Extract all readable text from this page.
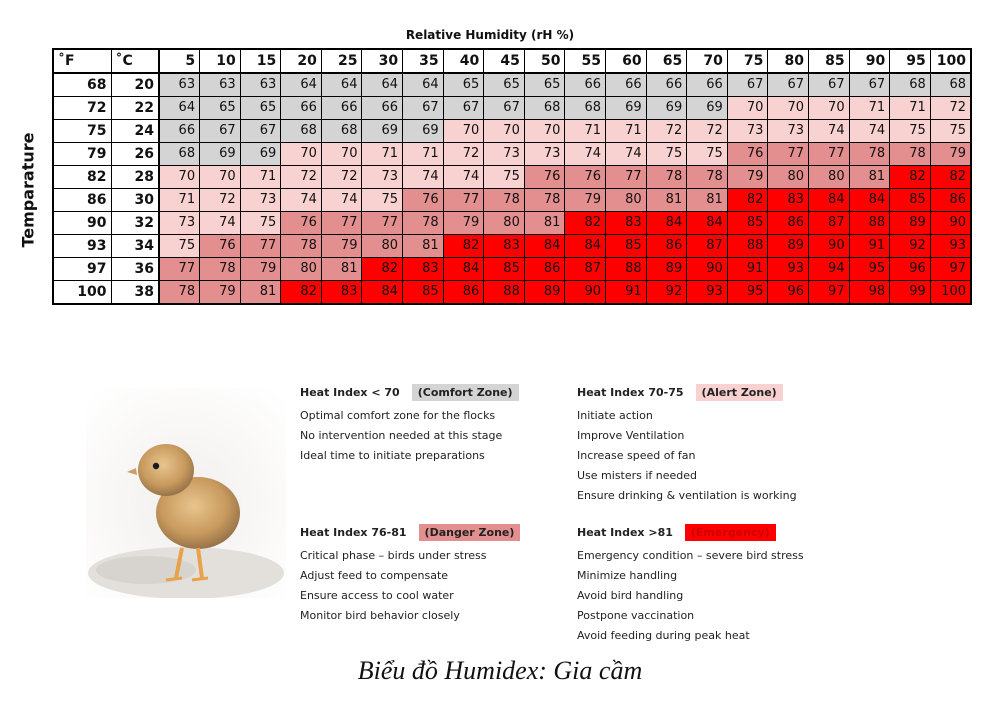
Relative Humidity (rH %)
Temparature
˚F	˚C	5	10	15	20	25	30	35	40	45	50	55	60	65	70	75	80	85	90	95	100
68	20	63	63	63	64	64	64	64	65	65	65	66	66	66	66	67	67	67	67	68	68
72	22	64	65	65	66	66	66	67	67	67	68	68	69	69	69	70	70	70	71	71	72
75	24	66	67	67	68	68	69	69	70	70	70	71	71	72	72	73	73	74	74	75	75
79	26	68	69	69	70	70	71	71	72	73	73	74	74	75	75	76	77	77	78	78	79
82	28	70	70	71	72	72	73	74	74	75	76	76	77	78	78	79	80	80	81	82	82
86	30	71	72	73	74	74	75	76	77	78	78	79	80	81	81	82	83	84	84	85	86
90	32	73	74	75	76	77	77	78	79	80	81	82	83	84	84	85	86	87	88	89	90
93	34	75	76	77	78	79	80	81	82	83	84	84	85	86	87	88	89	90	91	92	93
97	36	77	78	79	80	81	82	83	84	85	86	87	88	89	90	91	93	94	95	96	97
100	38	78	79	81	82	83	84	85	86	88	89	90	91	92	93	95	96	97	98	99	100
Heat Index < 70	(Comfort Zone)
Optimal comfort zone for the flocks
No intervention needed at this stage
Ideal time to initiate preparations
Heat Index 70-75	(Alert Zone)
Initiate action
Improve Ventilation
Increase speed of fan
Use misters if needed
Ensure drinking & ventilation is working
Heat Index 76-81	(Danger Zone)
Critical phase – birds under stress
Adjust feed to compensate
Ensure access to cool water
Monitor bird behavior closely
Heat Index >81	(Emergency)
Emergency condition – severe bird stress
Minimize handling
Avoid bird handling
Postpone vaccination
Avoid feeding during peak heat
Biểu đồ Humidex: Gia cầm
